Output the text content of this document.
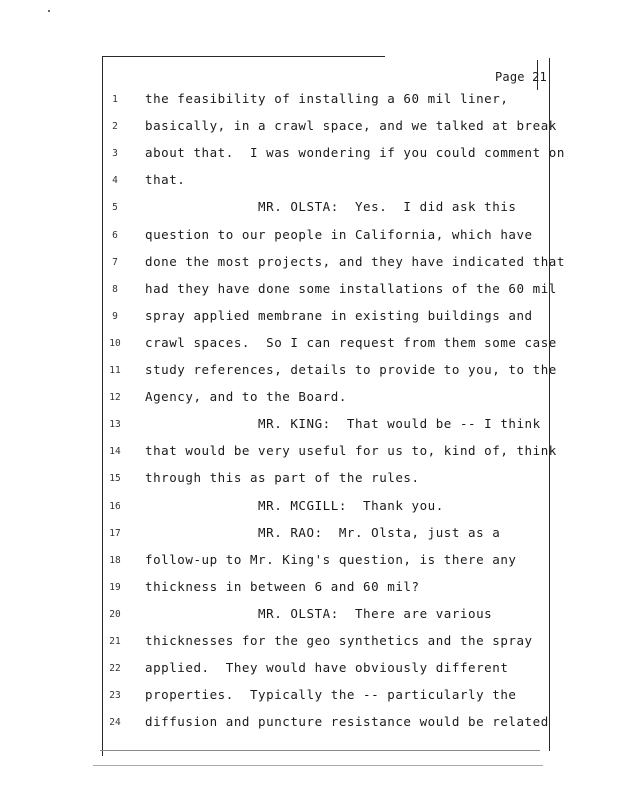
Page 21
1	the feasibility of installing a 60 mil liner,
2	basically, in a crawl space, and we talked at break
3	about that.  I was wondering if you could comment on
4	that.
5	MR. OLSTA:  Yes.  I did ask this
6	question to our people in California, which have
7	done the most projects, and they have indicated that
8	had they have done some installations of the 60 mil
9	spray applied membrane in existing buildings and
10	crawl spaces.  So I can request from them some case
11	study references, details to provide to you, to the
12	Agency, and to the Board.
13	MR. KING:  That would be -- I think
14	that would be very useful for us to, kind of, think
15	through this as part of the rules.
16	MR. MCGILL:  Thank you.
17	MR. RAO:  Mr. Olsta, just as a
18	follow-up to Mr. King's question, is there any
19	thickness in between 6 and 60 mil?
20	MR. OLSTA:  There are various
21	thicknesses for the geo synthetics and the spray
22	applied.  They would have obviously different
23	properties.  Typically the -- particularly the
24	diffusion and puncture resistance would be related
